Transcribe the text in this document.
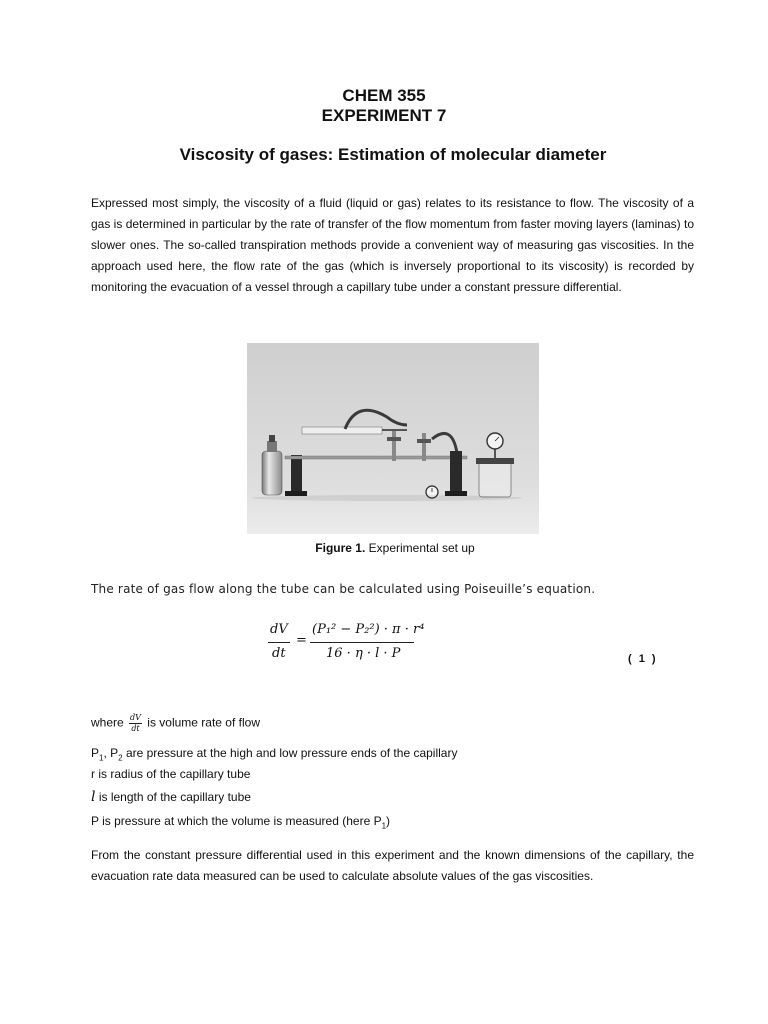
CHEM 355
EXPERIMENT 7
Viscosity of gases: Estimation of molecular diameter

Expressed most simply, the viscosity of a fluid (liquid or gas) relates to its resistance to flow. The viscosity of a gas is determined in particular by the rate of transfer of the flow momentum from faster moving layers (laminas) to slower ones. The so-called transpiration methods provide a convenient way of measuring gas viscosities. In the approach used here, the flow rate of the gas (which is inversely proportional to its viscosity) is recorded by monitoring the evacuation of a vessel through a capillary tube under a constant pressure differential.

Figure 1. Experimental set up
The rate of gas flow along the tube can be calculated using Poiseuille’s equation.
dV
dt
=
(P₁² − P₂²) · π · r⁴
16 · η · l · P	( 1 )
where $\frac{dV}{dt}$ is volume rate of flow
$P_1$, $P_2$ are pressure at the high and low pressure ends of the capillary
r is radius of the capillary tube
l is length of the capillary tube
P is pressure at which the volume is measured (here $P_1$)

From the constant pressure differential used in this experiment and the known dimensions of the capillary, the evacuation rate data measured can be used to calculate absolute values of the gas viscosities.
